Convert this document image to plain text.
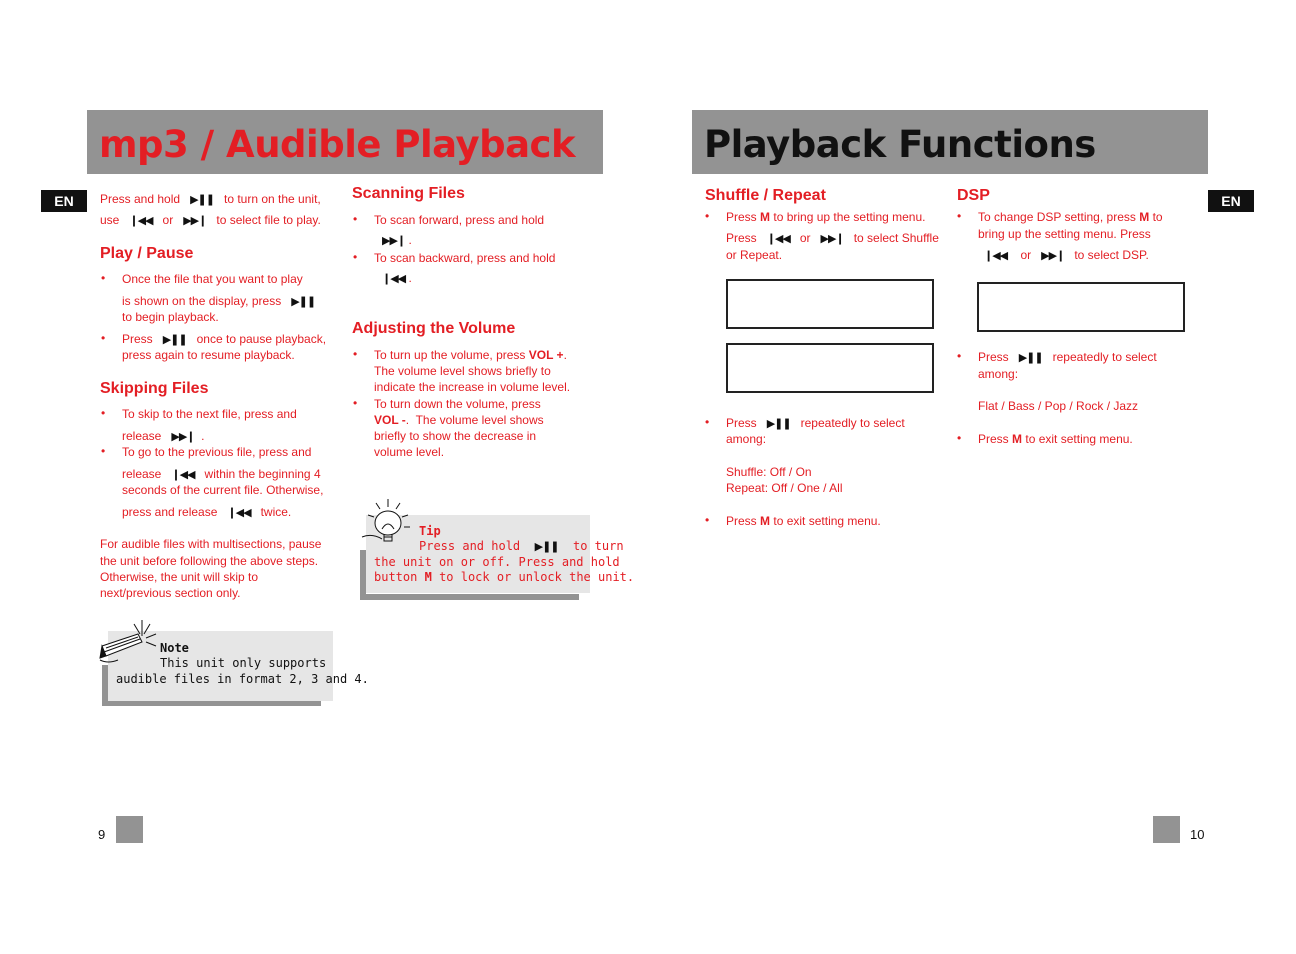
mp3 / Audible Playback
EN	Press and hold ▶❚❚ to turn on the unit,
use ❙◀◀ or ▶▶❙ to select file to play.
Play / Pause
• Once the file that you want to play
is shown on the display, press ▶❚❚
to begin playback.
• Press ▶❚❚ once to pause playback,
press again to resume playback.
Skipping Files
• To skip to the next file, press and
release ▶▶❙  .
• To go to the previous file, press and
release ❙◀◀ within the beginning 4
seconds of the current file. Otherwise,
press and release ❙◀◀ twice.
For audible files with multisections, pause
the unit before following the above steps.
Otherwise, the unit will skip to
next/previous section only.
Note
This unit only supports
audible files in format 2, 3 and 4.
Scanning Files
• To scan forward, press and hold
▶▶❙ .
• To scan backward, press and hold
❙◀◀ .
Adjusting the Volume
• To turn up the volume, press VOL +.
The volume level shows briefly to
indicate the increase in volume level.
• To turn down the volume, press
VOL -.  The volume level shows
briefly to show the decrease in
volume level.
Tip
Press and hold ▶❚❚ to turn
the unit on or off. Press and hold
button M to lock or unlock the unit.
9
Playback Functions
EN
Shuffle / Repeat
• Press M to bring up the setting menu.
Press ❙◀◀ or ▶▶❙ to select Shuffle
or Repeat.
• Press ▶❚❚ repeatedly to select
among:
Shuffle: Off / On
Repeat: Off / One / All
• Press M to exit setting menu.
DSP
• To change DSP setting, press M to
bring up the setting menu. Press
❙◀◀ or ▶▶❙ to select DSP.
• Press ▶❚❚ repeatedly to select
among:
Flat / Bass / Pop / Rock / Jazz
• Press M to exit setting menu.
10
